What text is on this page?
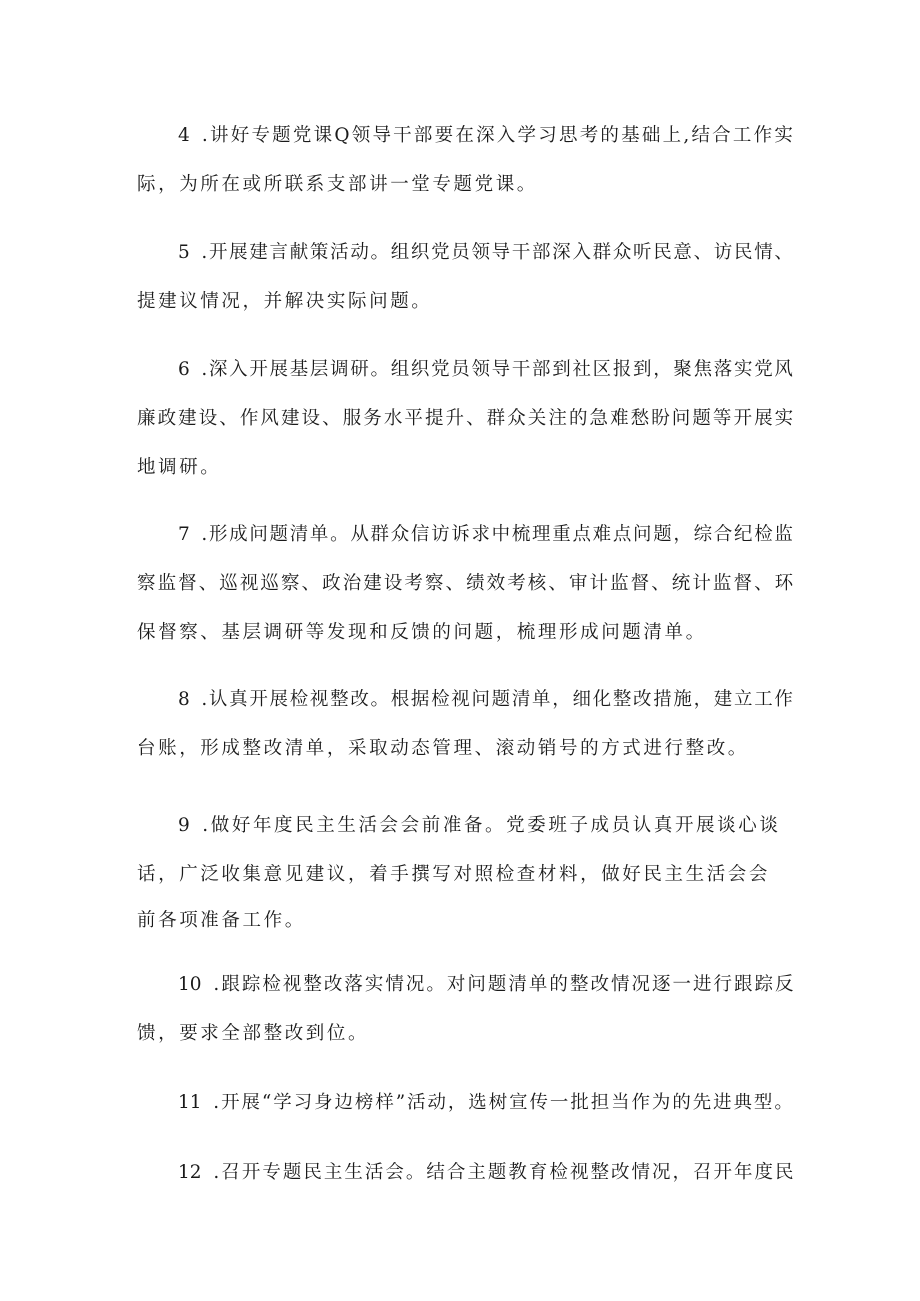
4 .讲好专题党课Q领导干部要在深入学习思考的基础上,结合工作实
际，为所在或所联系支部讲一堂专题党课。
5 .开展建言献策活动。组织党员领导干部深入群众听民意、访民情、
提建议情况，并解决实际问题。
6 .深入开展基层调研。组织党员领导干部到社区报到，聚焦落实党风
廉政建设、作风建设、服务水平提升、群众关注的急难愁盼问题等开展实
地调研。
7 .形成问题清单。从群众信访诉求中梳理重点难点问题，综合纪检监
察监督、巡视巡察、政治建设考察、绩效考核、审计监督、统计监督、环
保督察、基层调研等发现和反馈的问题，梳理形成问题清单。
8 .认真开展检视整改。根据检视问题清单，细化整改措施，建立工作
台账，形成整改清单，采取动态管理、滚动销号的方式进行整改。
9 .做好年度民主生活会会前准备。党委班子成员认真开展谈心谈
话，广泛收集意见建议，着手撰写对照检查材料，做好民主生活会会
前各项准备工作。
10 .跟踪检视整改落实情况。对问题清单的整改情况逐一进行跟踪反
馈，要求全部整改到位。
11 .开展“学习身边榜样”活动，选树宣传一批担当作为的先进典型。
12 .召开专题民主生活会。结合主题教育检视整改情况，召开年度民
